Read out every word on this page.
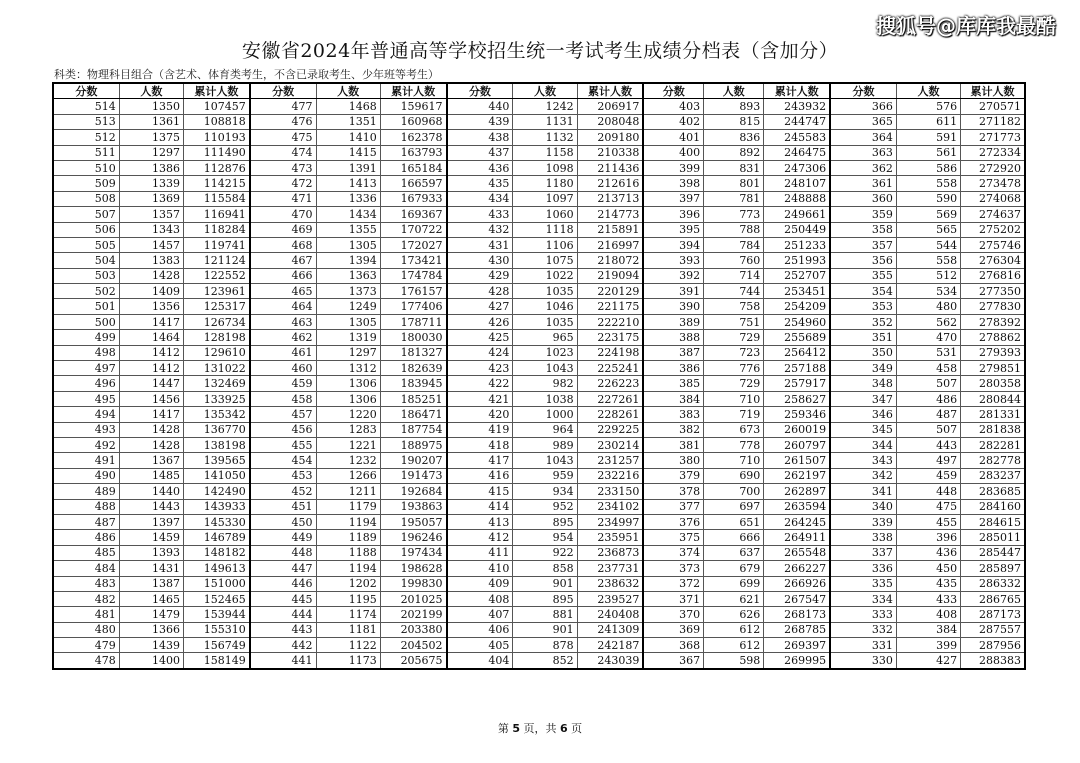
搜狐号@库库我最酷
安徽省2024年普通高等学校招生统一考试考生成绩分档表（含加分）
科类：物理科目组合（含艺术、体育类考生，不含已录取考生、少年班等考生）
分数	人数	累计人数	分数	人数	累计人数	分数	人数	累计人数	分数	人数	累计人数	分数	人数	累计人数
514	1350	107457	477	1468	159617	440	1242	206917	403	893	243932	366	576	270571
513	1361	108818	476	1351	160968	439	1131	208048	402	815	244747	365	611	271182
512	1375	110193	475	1410	162378	438	1132	209180	401	836	245583	364	591	271773
511	1297	111490	474	1415	163793	437	1158	210338	400	892	246475	363	561	272334
510	1386	112876	473	1391	165184	436	1098	211436	399	831	247306	362	586	272920
509	1339	114215	472	1413	166597	435	1180	212616	398	801	248107	361	558	273478
508	1369	115584	471	1336	167933	434	1097	213713	397	781	248888	360	590	274068
507	1357	116941	470	1434	169367	433	1060	214773	396	773	249661	359	569	274637
506	1343	118284	469	1355	170722	432	1118	215891	395	788	250449	358	565	275202
505	1457	119741	468	1305	172027	431	1106	216997	394	784	251233	357	544	275746
504	1383	121124	467	1394	173421	430	1075	218072	393	760	251993	356	558	276304
503	1428	122552	466	1363	174784	429	1022	219094	392	714	252707	355	512	276816
502	1409	123961	465	1373	176157	428	1035	220129	391	744	253451	354	534	277350
501	1356	125317	464	1249	177406	427	1046	221175	390	758	254209	353	480	277830
500	1417	126734	463	1305	178711	426	1035	222210	389	751	254960	352	562	278392
499	1464	128198	462	1319	180030	425	965	223175	388	729	255689	351	470	278862
498	1412	129610	461	1297	181327	424	1023	224198	387	723	256412	350	531	279393
497	1412	131022	460	1312	182639	423	1043	225241	386	776	257188	349	458	279851
496	1447	132469	459	1306	183945	422	982	226223	385	729	257917	348	507	280358
495	1456	133925	458	1306	185251	421	1038	227261	384	710	258627	347	486	280844
494	1417	135342	457	1220	186471	420	1000	228261	383	719	259346	346	487	281331
493	1428	136770	456	1283	187754	419	964	229225	382	673	260019	345	507	281838
492	1428	138198	455	1221	188975	418	989	230214	381	778	260797	344	443	282281
491	1367	139565	454	1232	190207	417	1043	231257	380	710	261507	343	497	282778
490	1485	141050	453	1266	191473	416	959	232216	379	690	262197	342	459	283237
489	1440	142490	452	1211	192684	415	934	233150	378	700	262897	341	448	283685
488	1443	143933	451	1179	193863	414	952	234102	377	697	263594	340	475	284160
487	1397	145330	450	1194	195057	413	895	234997	376	651	264245	339	455	284615
486	1459	146789	449	1189	196246	412	954	235951	375	666	264911	338	396	285011
485	1393	148182	448	1188	197434	411	922	236873	374	637	265548	337	436	285447
484	1431	149613	447	1194	198628	410	858	237731	373	679	266227	336	450	285897
483	1387	151000	446	1202	199830	409	901	238632	372	699	266926	335	435	286332
482	1465	152465	445	1195	201025	408	895	239527	371	621	267547	334	433	286765
481	1479	153944	444	1174	202199	407	881	240408	370	626	268173	333	408	287173
480	1366	155310	443	1181	203380	406	901	241309	369	612	268785	332	384	287557
479	1439	156749	442	1122	204502	405	878	242187	368	612	269397	331	399	287956
478	1400	158149	441	1173	205675	404	852	243039	367	598	269995	330	427	288383
第 5 页，共 6 页
